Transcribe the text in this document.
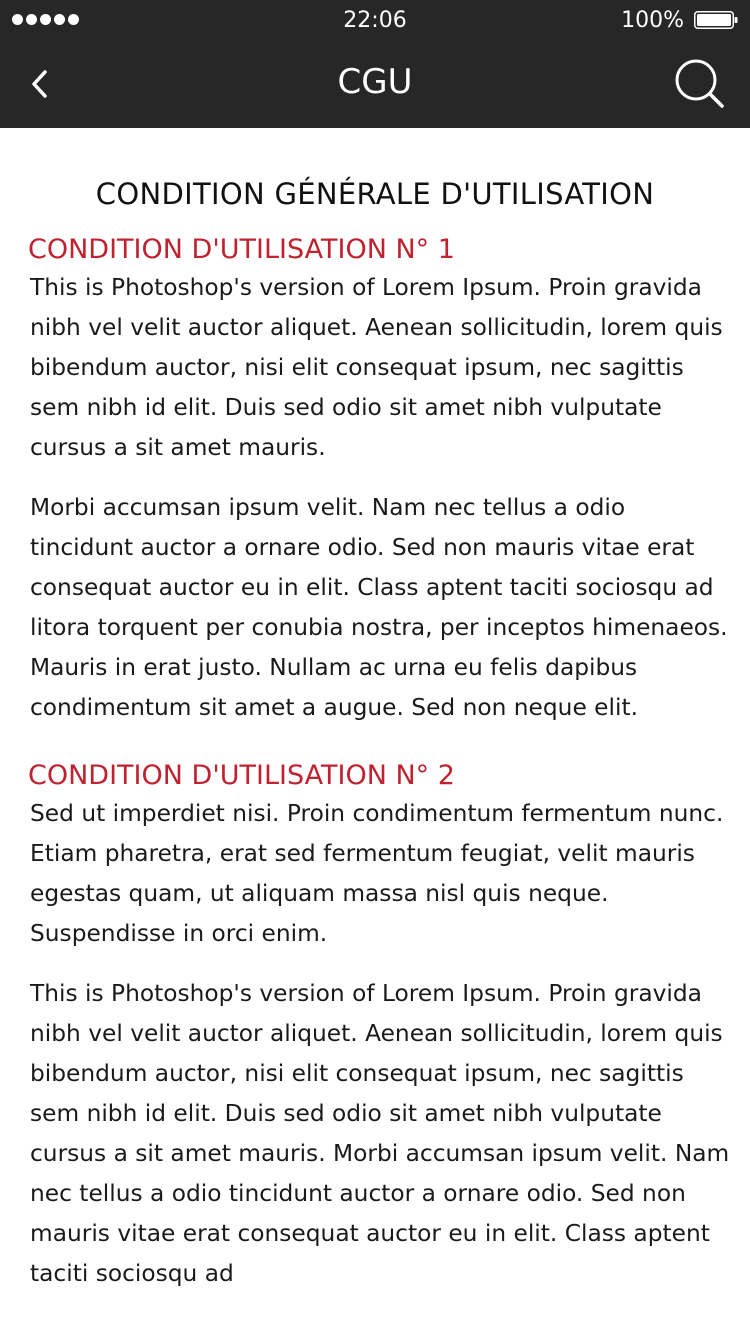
22:06	100%
CGU
CONDITION GÉNÉRALE D'UTILISATION
CONDITION D'UTILISATION N° 1

This is Photoshop's version of Lorem Ipsum. Proin gravida nibh vel velit auctor aliquet. Aenean sollicitudin, lorem quis bibendum auctor, nisi elit consequat ipsum, nec sagittis sem nibh id elit. Duis sed odio sit amet nibh vulputate cursus a sit amet mauris.

Morbi accumsan ipsum velit. Nam nec tellus a odio tincidunt auctor a ornare odio. Sed non mauris vitae erat consequat auctor eu in elit. Class aptent taciti sociosqu ad litora torquent per conubia nostra, per inceptos himenaeos. Mauris in erat justo. Nullam ac urna eu felis dapibus condimentum sit amet a augue. Sed non neque elit.

CONDITION D'UTILISATION N° 2

Sed ut imperdiet nisi. Proin condimentum fermentum nunc. Etiam pharetra, erat sed fermentum feugiat, velit mauris egestas quam, ut aliquam massa nisl quis neque. Suspendisse in orci enim.

This is Photoshop's version of Lorem Ipsum. Proin gravida nibh vel velit auctor aliquet. Aenean sollicitudin, lorem quis bibendum auctor, nisi elit consequat ipsum, nec sagittis sem nibh id elit. Duis sed odio sit amet nibh vulputate cursus a sit amet mauris. Morbi accumsan ipsum velit. Nam nec tellus a odio tincidunt auctor a ornare odio. Sed non mauris vitae erat consequat auctor eu in elit. Class aptent taciti sociosqu ad
